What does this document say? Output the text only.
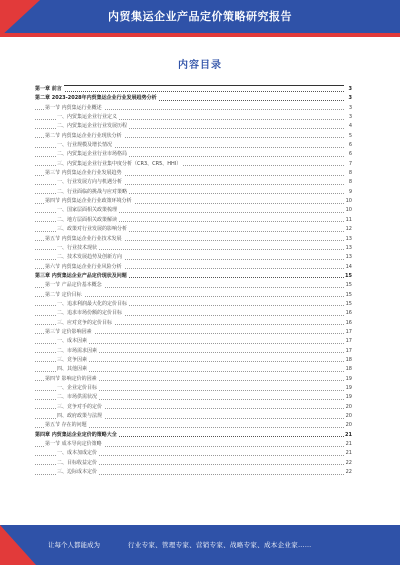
内贸集运企业产品定价策略研究报告
内容目录
第一章 前言	3
第二章 2023-2028年内贸集运企业行业发展趋势分析	3
第一节 内贸集运行业概述	3
一、内贸集运企业行业定义	3
二、内贸集运企业行业发展历程	4
第二节 内贸集运企业行业现状分析	5
一、行业规模及增长情况	6
二、内贸集运企业行业市场格局	6
三、内贸集运企业行业集中度分析（CR3、CR5、HHI）	7
第三节 内贸集运企业行业发展趋势	8
一、行业发展方向与机遇分析	8
二、行业面临的挑战与应对策略	9
第四节 内贸集运企业行业政策环境分析	10
一、国家层面相关政策梳理	10
二、地方层面相关政策解读	11
三、政策对行业发展的影响分析	12
第五节 内贸集运企业行业技术发展	13
一、行业技术现状	13
二、技术发展趋势及创新方向	13
第六节 内贸集运企业行业风险分析	14
第三章 内贸集运企业产品定价现状及问题	15
第一节 产品定价基本概念	15
第二节 定价目标	15
一、追求利润最大化的定价目标	15
二、追求市场份额的定价目标	16
三、应对竞争的定价目标	16
第三节 定价影响因素	17
一、成本因素	17
二、市场需求因素	17
三、竞争因素	18
四、其他因素	18
第四节 影响定价的因素	19
一、企业定价目标	19
二、市场供需状况	19
三、竞争对手的定价	20
四、政府政策与法规	20
第五节 存在的问题	20
第四章 内贸集运企业定价的策略大全	21
第一节 成本导向定价策略	21
一、成本加成定价	21
二、目标收益定价	22
三、边际成本定价	22
让每个人都能成为	行业专家、管理专家、营销专家、战略专家、成本企业家……
